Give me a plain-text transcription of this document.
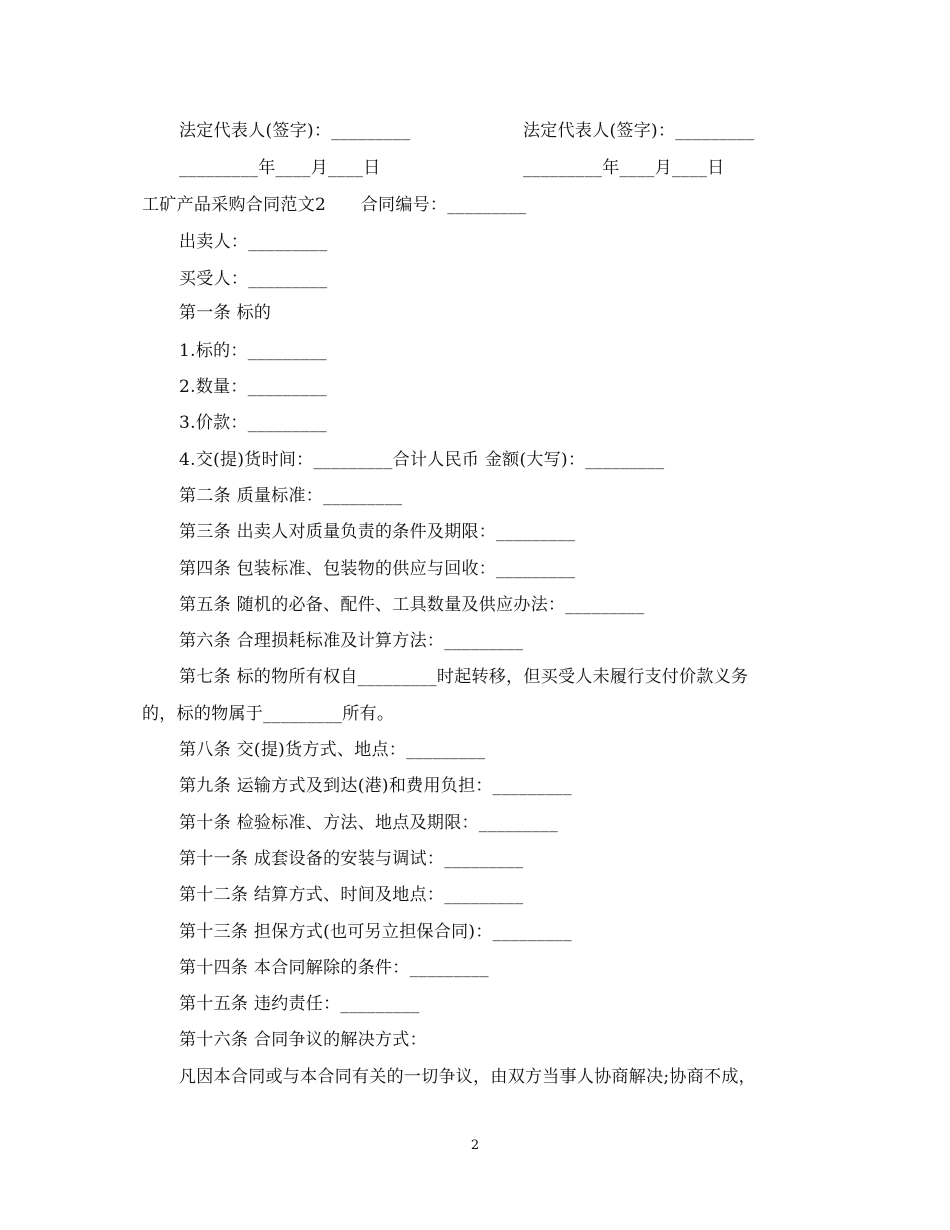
法定代表人(签字)：_________	法定代表人(签字)：_________
_________年____月____日	_________年____月____日
工矿产品采购合同范文2　　合同编号：_________
出卖人：_________
买受人：_________
第一条 标的
1.标的：_________
2.数量：_________
3.价款：_________
4.交(提)货时间：_________合计人民币 金额(大写)：_________
第二条 质量标准：_________
第三条 出卖人对质量负责的条件及期限：_________
第四条 包装标准、包装物的供应与回收：_________
第五条 随机的必备、配件、工具数量及供应办法：_________
第六条 合理损耗标准及计算方法：_________
第七条 标的物所有权自_________时起转移，但买受人未履行支付价款义务
的，标的物属于_________所有。
第八条 交(提)货方式、地点：_________
第九条 运输方式及到达(港)和费用负担：_________
第十条 检验标准、方法、地点及期限：_________
第十一条 成套设备的安装与调试：_________
第十二条 结算方式、时间及地点：_________
第十三条 担保方式(也可另立担保合同)：_________
第十四条 本合同解除的条件：_________
第十五条 违约责任：_________
第十六条 合同争议的解决方式：
凡因本合同或与本合同有关的一切争议，由双方当事人协商解决;协商不成，
2
